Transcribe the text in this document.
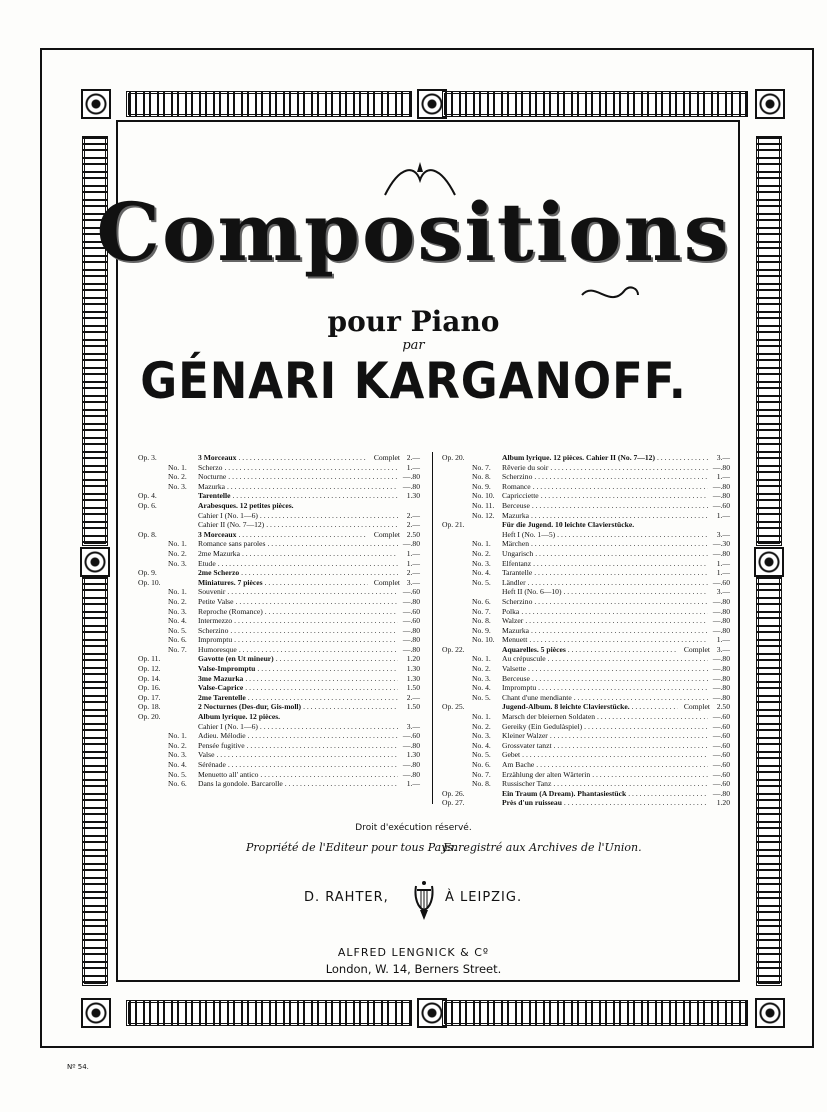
Compositions
pour Piano
par
GÉNARI KARGANOFF.
Op. 3.	3 Morceaux . . .	Complet 2.—
No. 1.	Scherzo . . .	1.—
No. 2.	Nocturne . . .	—.80
No. 3.	Mazurka . . .	—.80
Op. 4.	Tarentelle . . .	1.30
Op. 6.	Arabesques. 12 petites pièces.
Cahier I (No. 1—6) . . .	2.—
Cahier II (No. 7—12) . . .	2.—
Op. 8.	3 Morceaux . . .	Complet 2.50
No. 1.	Romance sans paroles . . .	—.80
No. 2.	2me Mazurka . . .	1.—
No. 3.	Etude . . .	1.—
Op. 9.	2me Scherzo . . .	2.—
Op. 10.	Miniatures. 7 pièces . . .	Complet 3.—
No. 1.	Souvenir . . .	—.60
No. 2.	Petite Valse . . .	—.80
No. 3.	Reproche (Romance) . . .	—.60
No. 4.	Intermezzo . . .	—.60
No. 5.	Scherzino . . .	—.80
No. 6.	Impromptu . . .	—.80
No. 7.	Humoresque . . .	—.80
Op. 11.	Gavotte (en Ut mineur) . . .	1.20
Op. 12.	Valse-Impromptu . . .	1.30
Op. 14.	3me Mazurka . . .	1.30
Op. 16.	Valse-Caprice . . .	1.50
Op. 17.	2me Tarentelle . . .	2.—
Op. 18.	2 Nocturnes (Des-dur, Gis-moll) . . .	1.50
Op. 20.	Album lyrique. 12 pièces.
Cahier I (No. 1—6) . . .	3.—
No. 1.	Adieu. Mélodie . . .	—.60
No. 2.	Pensée fugitive . . .	—.80
No. 3.	Valse . . .	1.30
No. 4.	Sérénade . . .	—.80
No. 5.	Menuetto all' antico . . .	—.80
No. 6.	Dans la gondole. Barcarolle . . .	1.—
Op. 20.	Album lyrique. 12 pièces. Cahier II (No. 7—12) . . .	3.—
No. 7.	Rêverie du soir . . .	—.80
No. 8.	Scherzino . . .	1.—
No. 9.	Romance . . .	—.80
No. 10. Capricciette . . .	—.80
No. 11.	Berceuse . . .	—.60
No. 12. Mazurka . . .	1.—
Op. 21.	Für die Jugend. 10 leichte Clavierstücke.
Heft I (No. 1—5) . . .	3.—
No. 1.	Märchen . . .	—.30
No. 2.	Ungarisch . . .	—.80
No. 3.	Elfentanz . . .	1.—
No. 4.	Tarantelle . . .	1.—
No. 5.	Ländler . . .	—.60
Heft II (No. 6—10) . . .	3.—
No. 6.	Scherzino . . .	—.80
No. 7.	Polka . . .	—.80
No. 8.	Walzer . . .	—.80
No. 9.	Mazurka . . .	—.80
No. 10. Menuett . . .	1.—
Op. 22.	Aquarelles. 5 pièces . . .	Complet 3.—
No. 1.	Au crépuscule . . .	—.80
No. 2.	Valsette . . .	—.80
No. 3.	Berceuse . . .	—.80
No. 4.	Impromptu . . .	—.80
No. 5.	Chant d'une mendiante . . .	—.80
Op. 25.	Jugend-Album. 8 leichte Clavierstücke. . . .	Complet 2.50
No. 1.	Marsch der bleiernen Soldaten . . .	—.60
No. 2.	Gereiky (Ein Gedulàspiel) . . .	—.60
No. 3.	Kleiner Walzer . . .	—.60
No. 4.	Grossvater tanzt . . .	—.60
No. 5.	Gebet . . .	—.60
No. 6.	Am Bache . . .	—.60
No. 7.	Erzählung der alten Wärterin . . .	—.60
No. 8.	Russischer Tanz . . .	—.60
Op. 26.	Ein Traum (A Dream). Phantasiestück . . .	—.80
Op. 27.	Près d'un ruisseau . . .	1.20
Droit d'exécution réservé.
Propriété de l'Editeur pour tous Pays.
Enregistré aux Archives de l'Union.
D. RAHTER,	À LEIPZIG.
ALFRED LENGNICK & Cº
London, W. 14, Berners Street.
Nº 54.
